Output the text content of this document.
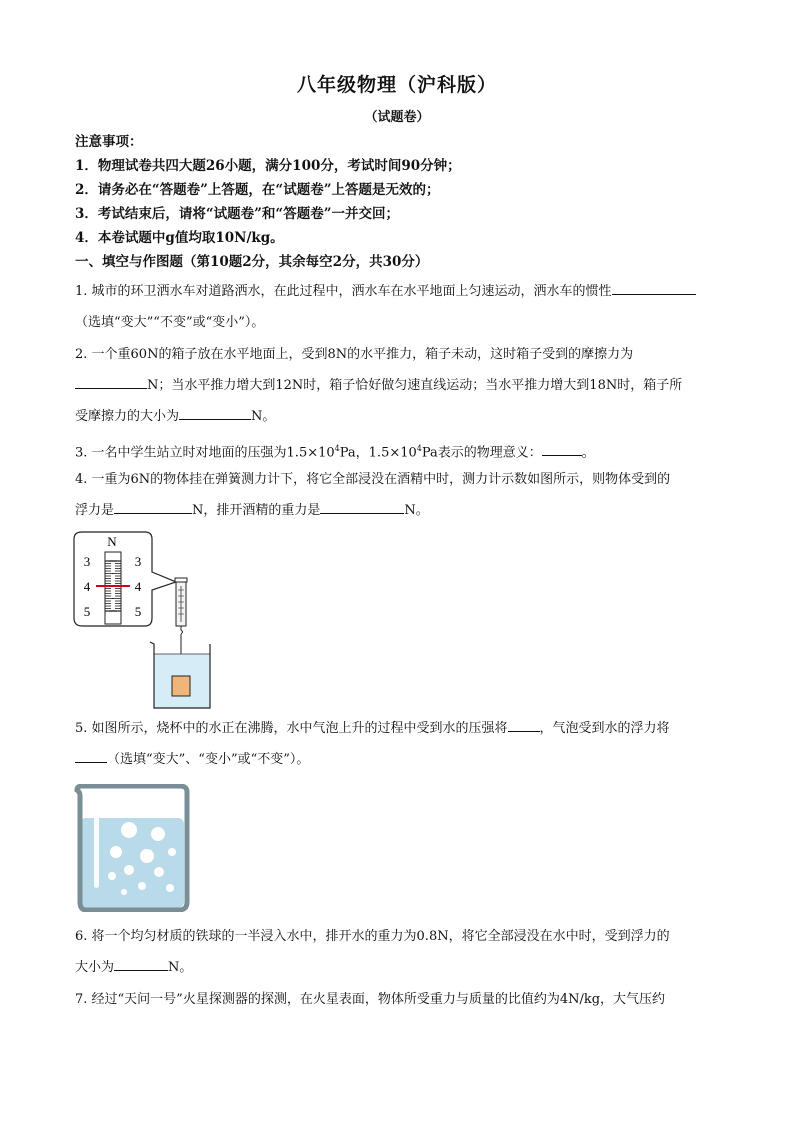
八年级物理（沪科版）
（试题卷）
注意事项：
1．物理试卷共四大题26小题，满分100分，考试时间90分钟；
2．请务必在“答题卷”上答题，在“试题卷”上答题是无效的；
3．考试结束后，请将“试题卷”和“答题卷”一并交回；
4．本卷试题中g值均取10N/kg。
一、填空与作图题（第10题2分，其余每空2分，共30分）
1. 城市的环卫洒水车对道路洒水，在此过程中，洒水车在水平地面上匀速运动，洒水车的惯性
（选填“变大”“不变”或“变小”）。
2. 一个重60N的箱子放在水平地面上，受到8N的水平推力，箱子未动，这时箱子受到的摩擦力为
N；当水平推力增大到12N时，箱子恰好做匀速直线运动；当水平推力增大到18N时，箱子所
受摩擦力的大小为	N。
3. 一名中学生站立时对地面的压强为$1.5\times 10^4Pa$，$1.5\times 10^4Pa$表示的物理意义：	。
4. 一重为6N的物体挂在弹簧测力计下，将它全部浸没在酒精中时，测力计示数如图所示，则物体受到的
浮力是	N，排开酒精的重力是	N。
N
3
4
5
3
4
5
5. 如图所示，烧杯中的水正在沸腾，水中气泡上升的过程中受到水的压强将 ，气泡受到水的浮力将
（选填“变大”、“变小”或“不变”）。
6. 将一个均匀材质的铁球的一半浸入水中，排开水的重力为0.8N，将它全部浸没在水中时，受到浮力的
大小为	N。
7. 经过“天问一号”火星探测器的探测，在火星表面，物体所受重力与质量的比值约为4N/kg，大气压约
